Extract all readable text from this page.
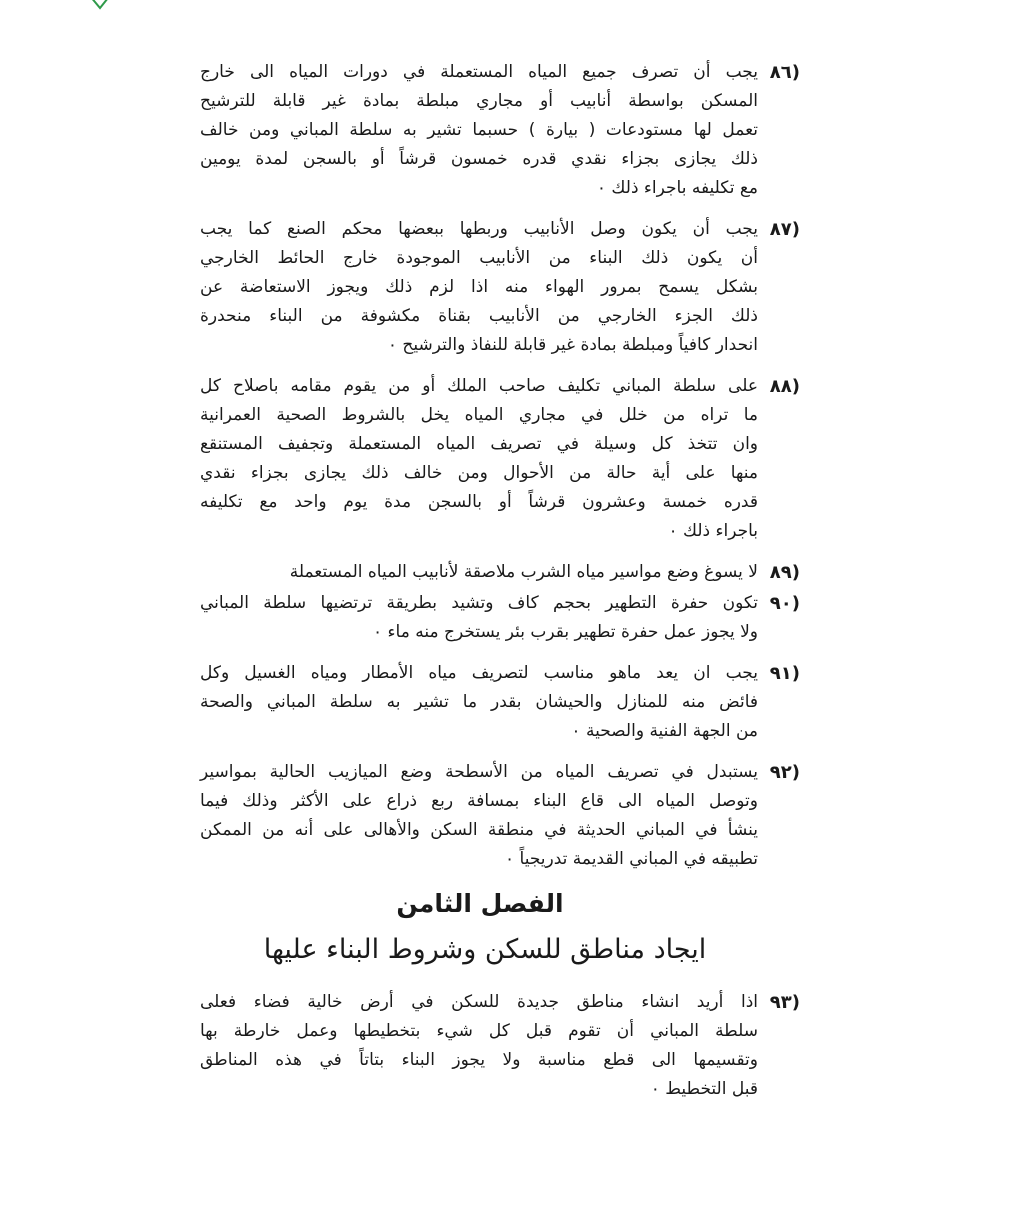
(٨٦
يجب أن تصرف جميع المياه المستعملة في دورات المياه الى خارج
المسكن بواسطة أنابيب أو مجاري مبلطة بمادة غير قابلة للترشيح
تعمل لها مستودعات ( بيارة ) حسبما تشير به سلطة المباني ومن خالف
ذلك يجازى بجزاء نقدي قدره خمسون قرشاً أو بالسجن لمدة يومين
مع تكليفه باجراء ذلك ٠
(٨٧
يجب أن يكون وصل الأنابيب وربطها ببعضها محكم الصنع كما يجب
أن يكون ذلك البناء من الأنابيب الموجودة خارج الحائط الخارجي
بشكل يسمح بمرور الهواء منه اذا لزم ذلك ويجوز الاستعاضة عن
ذلك الجزء الخارجي من الأنابيب بقناة مكشوفة من البناء منحدرة
انحدار كافياً ومبلطة بمادة غير قابلة للنفاذ والترشيح ٠
(٨٨
على سلطة المباني تكليف صاحب الملك أو من يقوم مقامه باصلاح كل
ما تراه من خلل في مجاري المياه يخل بالشروط الصحية العمرانية
وان تتخذ كل وسيلة في تصريف المياه المستعملة وتجفيف المستنقع
منها على أية حالة من الأحوال ومن خالف ذلك يجازى بجزاء نقدي
قدره خمسة وعشرون قرشاً أو بالسجن مدة يوم واحد مع تكليفه
باجراء ذلك ٠
(٨٩
لا يسوغ وضع مواسير مياه الشرب ملاصقة لأنابيب المياه المستعملة
(٩٠
تكون حفرة التطهير بحجم كاف وتشيد بطريقة ترتضيها سلطة المباني
ولا يجوز عمل حفرة تطهير بقرب بئر يستخرج منه ماء ٠
(٩١
يجب ان يعد ماهو مناسب لتصريف مياه الأمطار ومياه الغسيل وكل
فائض منه للمنازل والحيشان بقدر ما تشير به سلطة المباني والصحة
من الجهة الفنية والصحية ٠
(٩٢
يستبدل في تصريف المياه من الأسطحة وضع الميازيب الحالية بمواسير
وتوصل المياه الى قاع البناء بمسافة ربع ذراع على الأكثر وذلك فيما
ينشأ في المباني الحديثة في منطقة السكن والأهالى على أنه من الممكن
تطبيقه في المباني القديمة تدريجياً ٠
الفصل الثامن
ايجاد مناطق للسكن وشروط البناء عليها
(٩٣
اذا أريد انشاء مناطق جديدة للسكن في أرض خالية فضاء فعلى
سلطة المباني أن تقوم قبل كل شيء بتخطيطها وعمل خارطة بها
وتقسيمها الى قطع مناسبة ولا يجوز البناء بتاتاً في هذه المناطق
قبل التخطيط ٠
